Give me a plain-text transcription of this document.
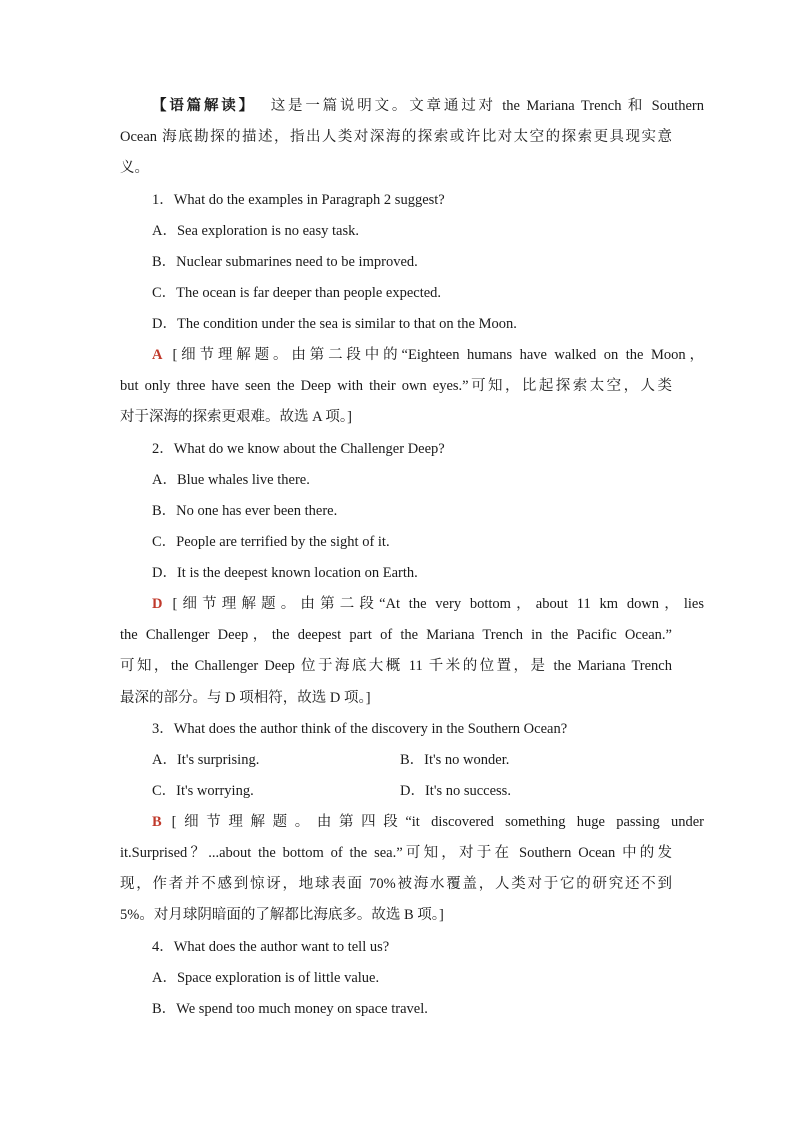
【语篇解读】 这是一篇说明文。文章通过对 the Mariana Trench 和 Southern
Ocean 海底勘探的描述，指出人类对深海的探索或许比对太空的探索更具现实意
义。
1．What do the examples in Paragraph 2 suggest?
A．Sea exploration is no easy task.
B．Nuclear submarines need to be improved.
C．The ocean is far deeper than people expected.
D．The condition under the sea is similar to that on the Moon.
A [细节理解题。由第二段中的“Eighteen humans have walked on the Moon，
but only three have seen the Deep with their own eyes.”可知，比起探索太空，人类
对于深海的探索更艰难。故选 A 项。]
2．What do we know about the Challenger Deep?
A．Blue whales live there.
B．No one has ever been there.
C．People are terrified by the sight of it.
D．It is the deepest known location on Earth.
D [细节理解题。由第二段“At the very bottom，about 11 km down，lies
the Challenger Deep，the deepest part of the Mariana Trench in the Pacific Ocean.”
可知，the Challenger Deep 位于海底大概 11 千米的位置，是 the Mariana Trench
最深的部分。与 D 项相符，故选 D 项。]
3．What does the author think of the discovery in the Southern Ocean?
A．It's surprising.	B．It's no wonder.
C．It's worrying.	D．It's no success.
B [细节理解题。由第四段“it discovered something huge passing under
it.Surprised？...about the bottom of the sea.”可知，对于在 Southern Ocean 中的发
现，作者并不感到惊讶，地球表面 70%被海水覆盖，人类对于它的研究还不到
5%。对月球阴暗面的了解都比海底多。故选 B 项。]
4．What does the author want to tell us?
A．Space exploration is of little value.
B．We spend too much money on space travel.
